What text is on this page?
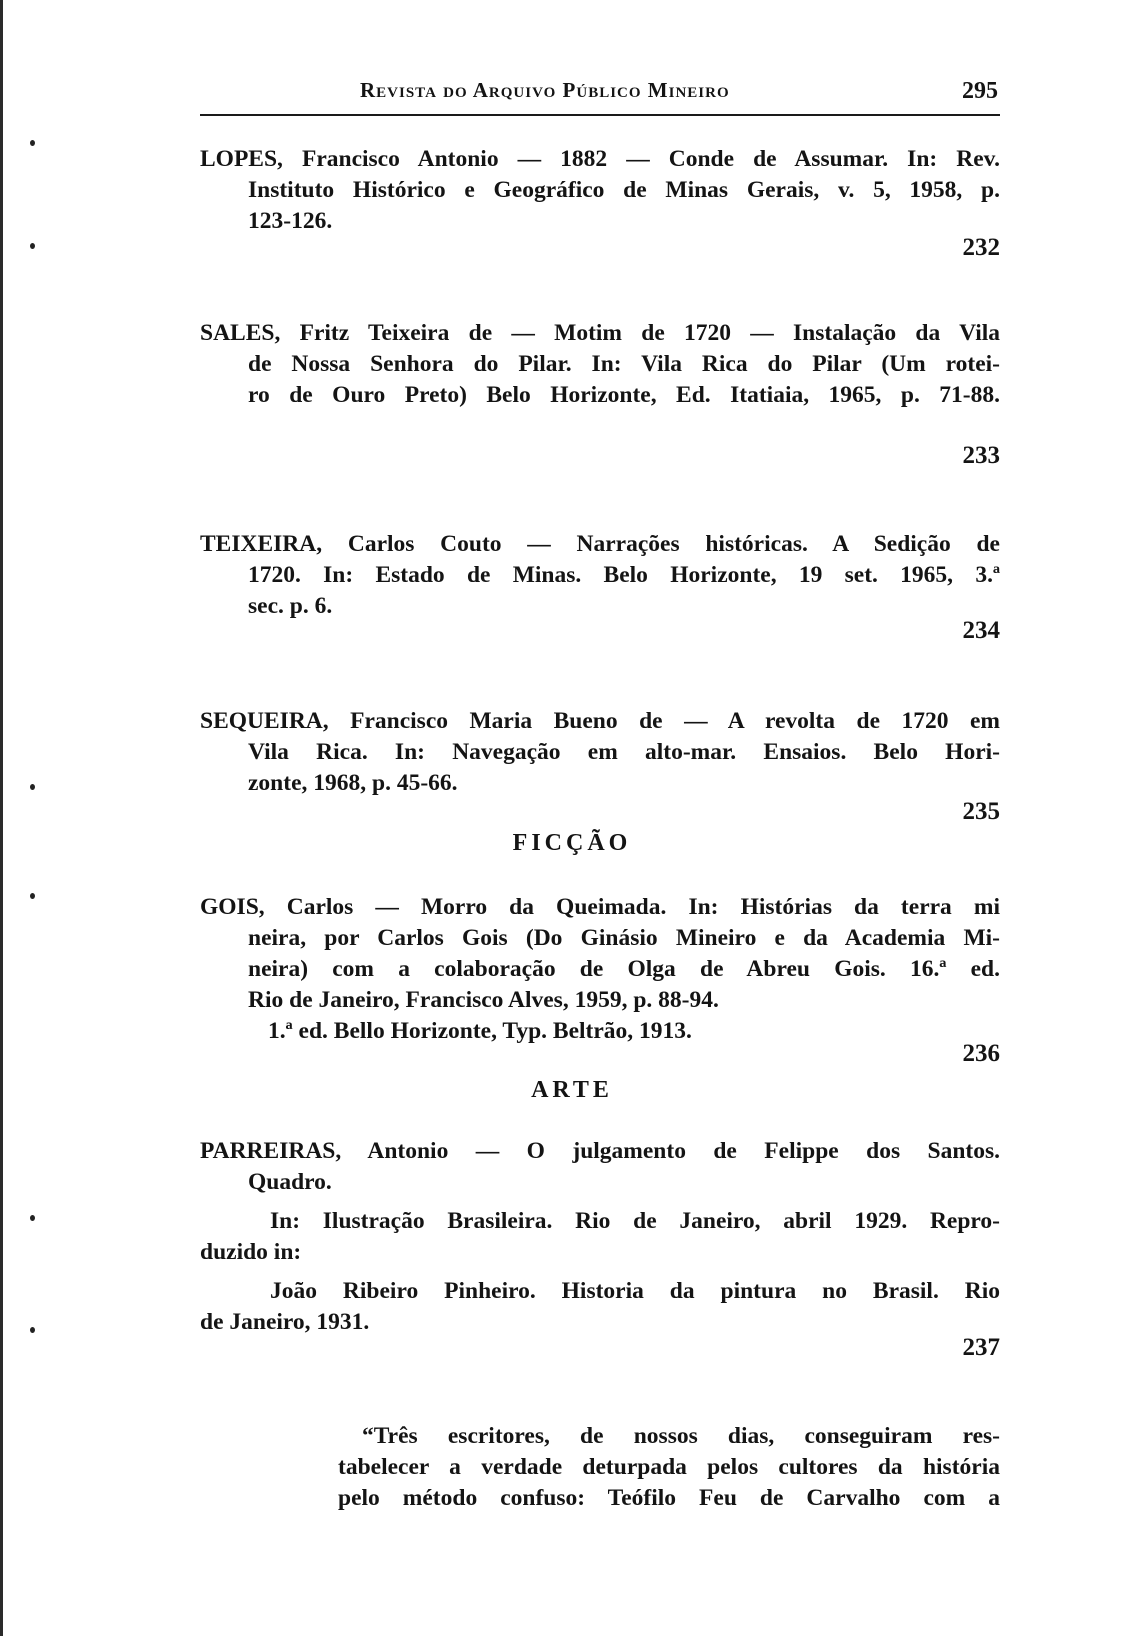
Revista do Arquivo Público Mineiro	295
LOPES, Francisco Antonio — 1882 — Conde de Assumar. In: Rev.
Instituto Histórico e Geográfico de Minas Gerais, v. 5, 1958, p.
123-126.
232
SALES, Fritz Teixeira de — Motim de 1720 — Instalação da Vila
de Nossa Senhora do Pilar. In: Vila Rica do Pilar (Um rotei-
ro de Ouro Preto) Belo Horizonte, Ed. Itatiaia, 1965, p. 71-88.
233
TEIXEIRA, Carlos Couto — Narrações históricas. A Sedição de
1720. In: Estado de Minas. Belo Horizonte, 19 set. 1965, 3.ª
sec. p. 6.
234
SEQUEIRA, Francisco Maria Bueno de — A revolta de 1720 em
Vila Rica. In: Navegação em alto-mar. Ensaios. Belo Hori-
zonte, 1968, p. 45-66.
235
FICÇÃO
GOIS, Carlos — Morro da Queimada. In: Histórias da terra mi
neira, por Carlos Gois (Do Ginásio Mineiro e da Academia Mi-
neira) com a colaboração de Olga de Abreu Gois. 16.ª ed.
Rio de Janeiro, Francisco Alves, 1959, p. 88-94.
1.ª ed. Bello Horizonte, Typ. Beltrão, 1913.
236
ARTE
PARREIRAS, Antonio — O julgamento de Felippe dos Santos.
Quadro.
In: Ilustração Brasileira. Rio de Janeiro, abril 1929. Repro-
duzido in:
João Ribeiro Pinheiro. Historia da pintura no Brasil. Rio
de Janeiro, 1931.
237
“Três escritores, de nossos dias, conseguiram res-
tabelecer a verdade deturpada pelos cultores da história
pelo método confuso: Teófilo Feu de Carvalho com a
